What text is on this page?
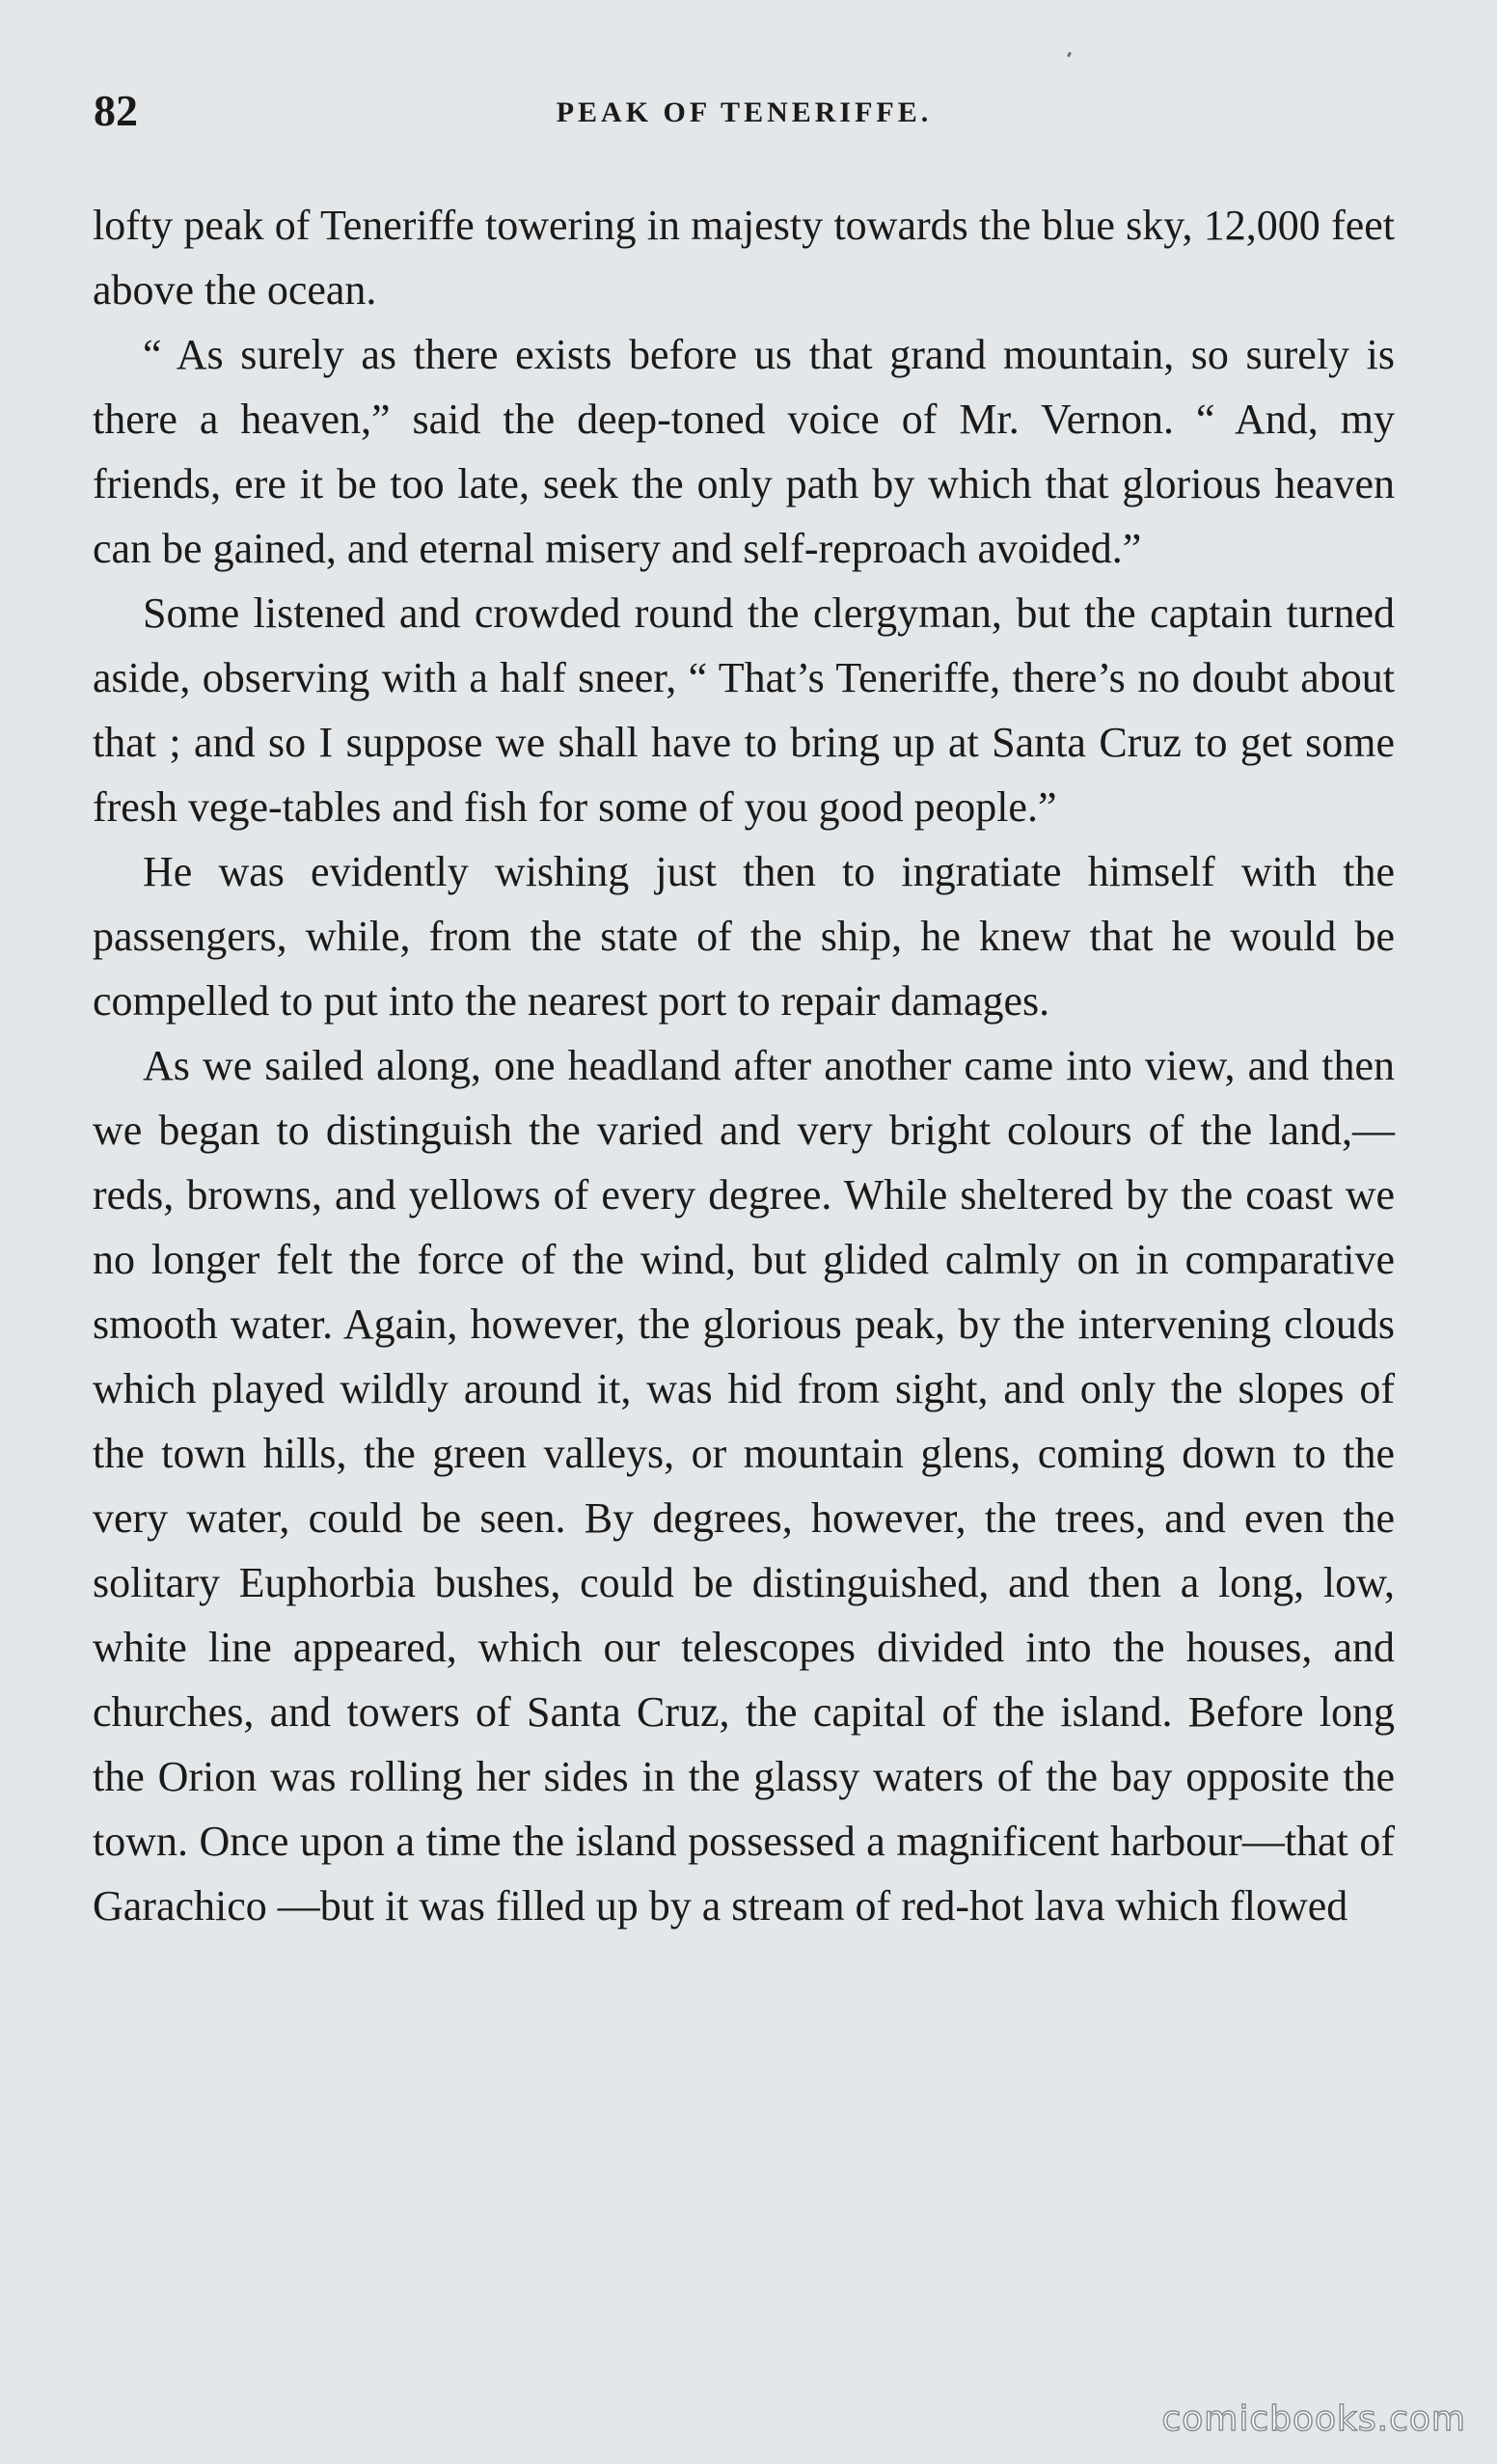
82	PEAK OF TENERIFFE.

lofty peak of Teneriffe towering in majesty towards the blue sky, 12,000 feet above the ocean.

“ As surely as there exists before us that grand mountain, so surely is there a heaven,” said the deep-toned voice of Mr. Vernon. “ And, my friends, ere it be too late, seek the only path by which that glorious heaven can be gained, and eternal misery and self-reproach avoided.”

Some listened and crowded round the clergyman, but the captain turned aside, observing with a half sneer, “ That’s Teneriffe, there’s no doubt about that ; and so I suppose we shall have to bring up at Santa Cruz to get some fresh vege-tables and fish for some of you good people.”

He was evidently wishing just then to ingratiate himself with the passengers, while, from the state of the ship, he knew that he would be compelled to put into the nearest port to repair damages.

As we sailed along, one headland after another came into view, and then we began to distinguish the varied and very bright colours of the land,—reds, browns, and yellows of every degree. While sheltered by the coast we no longer felt the force of the wind, but glided calmly on in comparative smooth water. Again, however, the glorious peak, by the intervening clouds which played wildly around it, was hid from sight, and only the slopes of the town hills, the green valleys, or mountain glens, coming down to the very water, could be seen. By degrees, however, the trees, and even the solitary Euphorbia bushes, could be distinguished, and then a long, low, white line appeared, which our telescopes divided into the houses, and churches, and towers of Santa Cruz, the capital of the island. Before long the Orion was rolling her sides in the glassy waters of the bay opposite the town. Once upon a time the island possessed a magnificent harbour—that of Garachico —but it was filled up by a stream of red-hot lava which flowed

comicbooks.com
